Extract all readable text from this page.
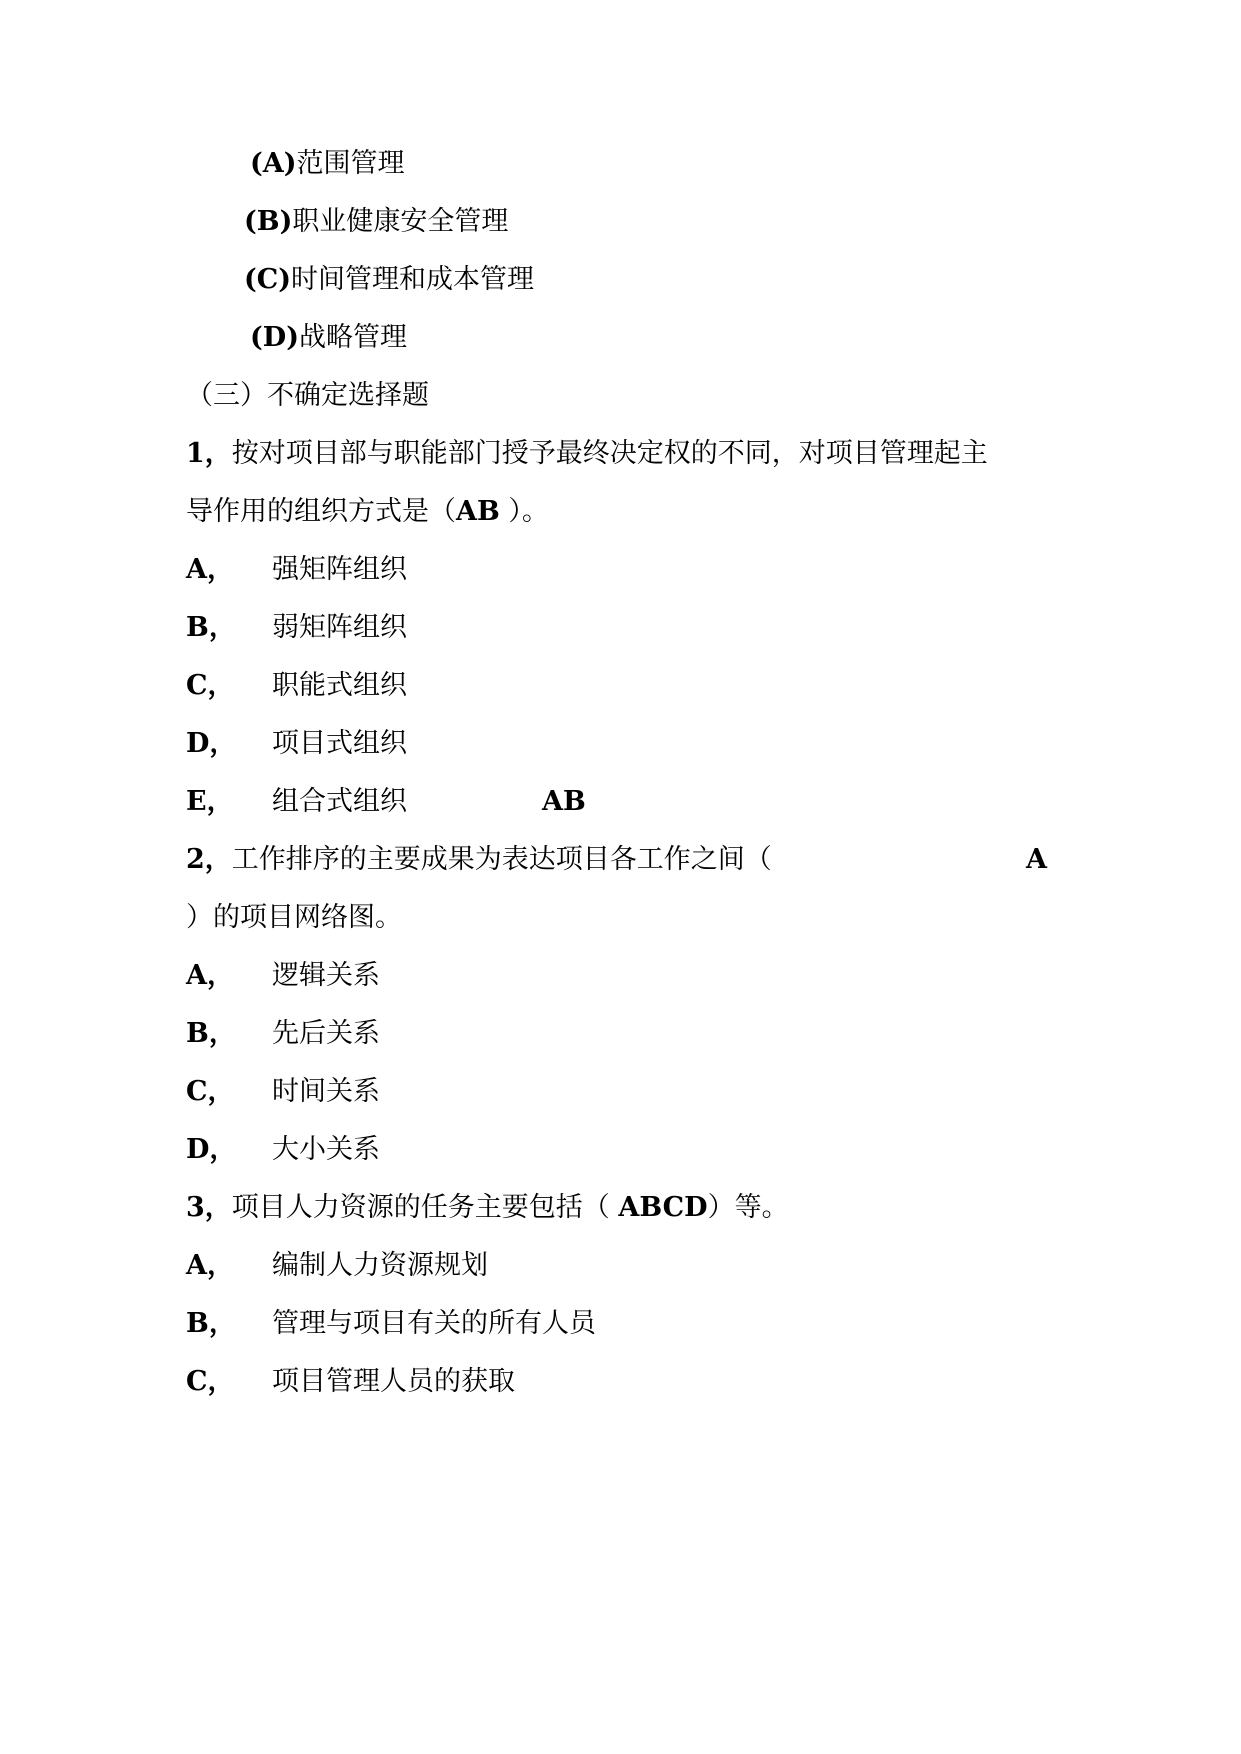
(A)范围管理
(B)职业健康安全管理
(C)时间管理和成本管理
(D)战略管理
（三）不确定选择题
1，按对项目部与职能部门授予最终决定权的不同，对项目管理起主
导作用的组织方式是（AB ）。
A， 强矩阵组织
B， 弱矩阵组织
C， 职能式组织
D， 项目式组织
E， 组合式组织	AB
2，工作排序的主要成果为表达项目各工作之间（	A
）的项目网络图。
A， 逻辑关系
B， 先后关系
C， 时间关系
D， 大小关系
3，项目人力资源的任务主要包括（ ABCD）等。
A， 编制人力资源规划
B， 管理与项目有关的所有人员
C， 项目管理人员的获取
